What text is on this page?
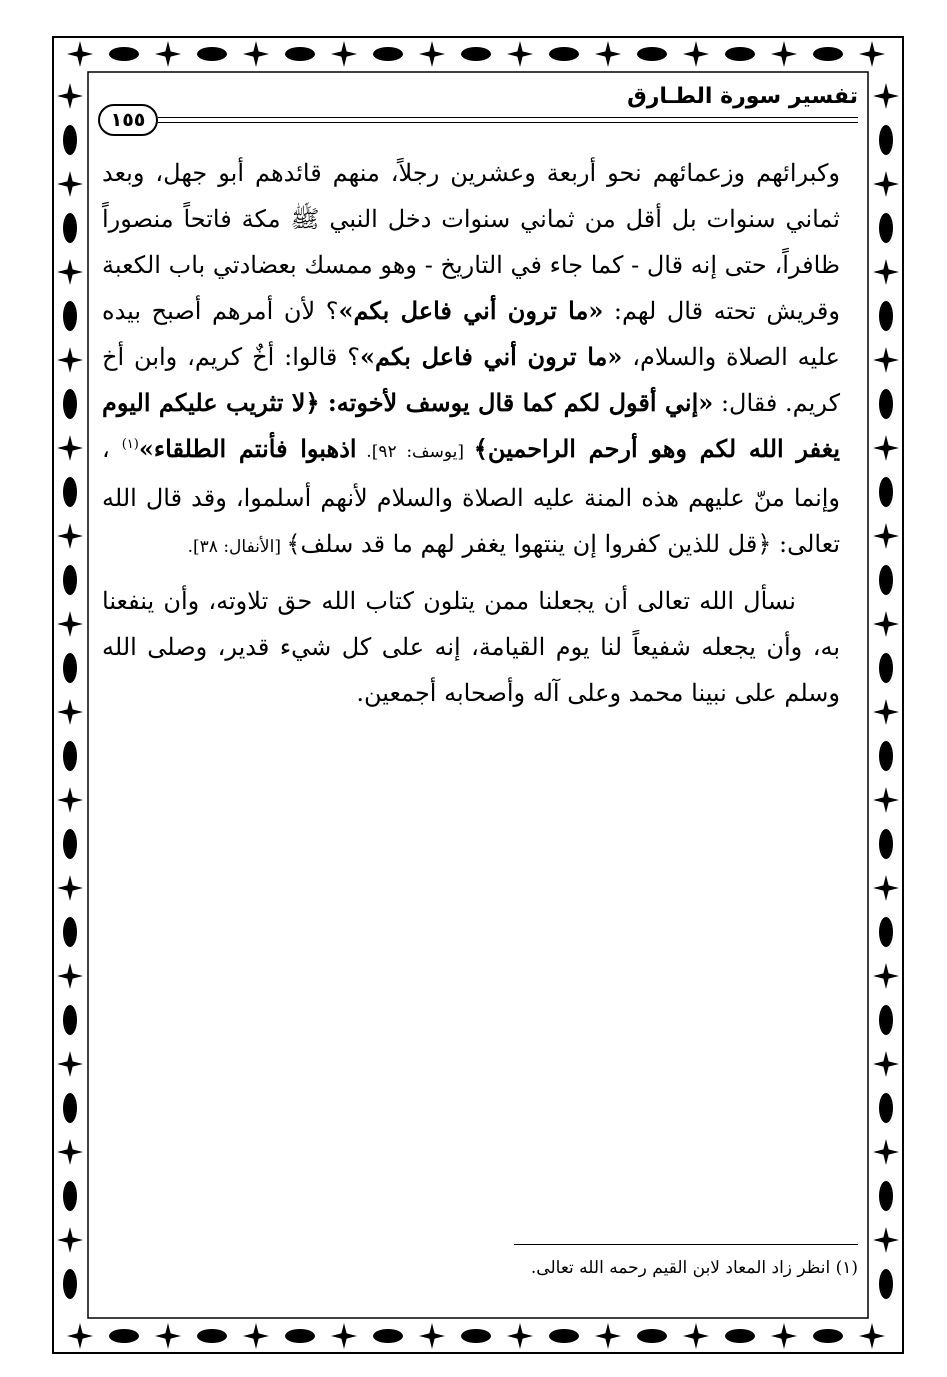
تفسير سورة الطـارق
١٥٥

وكبرائهم وزعمائهم نحو أربعة وعشرين رجلاً، منهم قائدهم أبو جهل، وبعد ثماني سنوات بل أقل من ثماني سنوات دخل النبي ﷺ مكة فاتحاً منصوراً ظافراً، حتى إنه قال - كما جاء في التاريخ - وهو ممسك بعضادتي باب الكعبة وقريش تحته قال لهم: «ما ترون أني فاعل بكم»؟ لأن أمرهم أصبح بيده عليه الصلاة والسلام، «ما ترون أني فاعل بكم»؟ قالوا: أخٌ كريم، وابن أخ كريم. فقال: «إني أقول لكم كما قال يوسف لأخوته: ﴿لا تثريب عليكم اليوم يغفر الله لكم وهو أرحم الراحمين﴾ [يوسف: ٩٢]. اذهبوا فأنتم الطلقاء»$^{(١)}$ ، وإنما منّ عليهم هذه المنة عليه الصلاة والسلام لأنهم أسلموا، وقد قال الله تعالى: ﴿قل للذين كفروا إن ينتهوا يغفر لهم ما قد سلف﴾ [الأنفال: ٣٨].

نسأل الله تعالى أن يجعلنا ممن يتلون كتاب الله حق تلاوته، وأن ينفعنا به، وأن يجعله شفيعاً لنا يوم القيامة، إنه على كل شيء قدير، وصلى الله وسلم على نبينا محمد وعلى آله وأصحابه أجمعين.

(١) انظر زاد المعاد لابن القيم رحمه الله تعالى.
